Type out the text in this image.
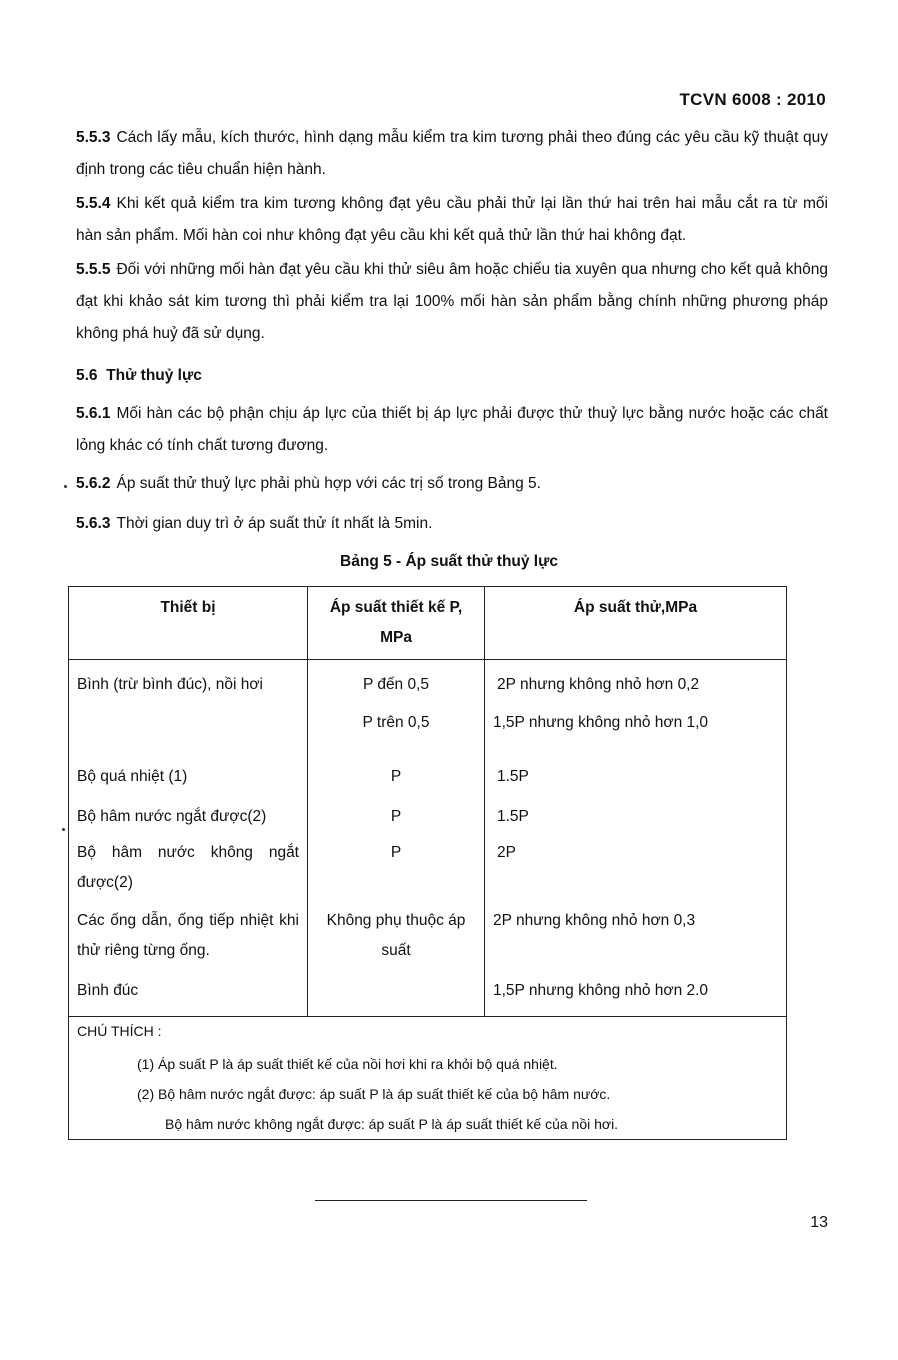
TCVN 6008 : 2010

5.5.3 Cách lấy mẫu, kích thước, hình dạng mẫu kiểm tra kim tương phải theo đúng các yêu cầu kỹ thuật quy định trong các tiêu chuẩn hiện hành.

5.5.4 Khi kết quả kiểm tra kim tương không đạt yêu cầu phải thử lại lần thứ hai trên hai mẫu cắt ra từ mối hàn sản phẩm. Mối hàn coi như không đạt yêu cầu khi kết quả thử lần thứ hai không đạt.

5.5.5 Đối với những mối hàn đạt yêu cầu khi thử siêu âm hoặc chiếu tia xuyên qua nhưng cho kết quả không đạt khi khảo sát kim tương thì phải kiểm tra lại 100% mối hàn sản phẩm bằng chính những phương pháp không phá huỷ đã sử dụng.

5.6 Thử thuỷ lực

5.6.1 Mối hàn các bộ phận chịu áp lực của thiết bị áp lực phải được thử thuỷ lực bằng nước hoặc các chất lỏng khác có tính chất tương đương.

5.6.2 Áp suất thử thuỷ lực phải phù hợp với các trị số trong Bảng 5.

5.6.3 Thời gian duy trì ở áp suất thử ít nhất là 5min.

Bảng 5 - Áp suất thử thuỷ lực
Thiết bị	Áp suất thiết kế P, MPa	Áp suất thử,MPa
Bình (trừ bình đúc), nồi hơi	P đến 0,5	2P nhưng không nhỏ hơn 0,2
	P trên 0,5	1,5P nhưng không nhỏ hơn 1,0
Bộ quá nhiệt (1)	P	1.5P
Bộ hâm nước ngắt được(2)	P	1.5P
Bộ hâm nước không ngắt được(2)	P	2P
Các ống dẫn, ống tiếp nhiệt khi thử riêng từng ống.	Không phụ thuộc áp suất	2P nhưng không nhỏ hơn 0,3
Bình đúc		1,5P nhưng không nhỏ hơn 2.0

CHÚ THÍCH :
(1) Áp suất P là áp suất thiết kế của nồi hơi khi ra khỏi bộ quá nhiệt.
(2) Bộ hâm nước ngắt được: áp suất P là áp suất thiết kế của bộ hâm nước.
Bộ hâm nước không ngắt được: áp suất P là áp suất thiết kế của nồi hơi.		
13
